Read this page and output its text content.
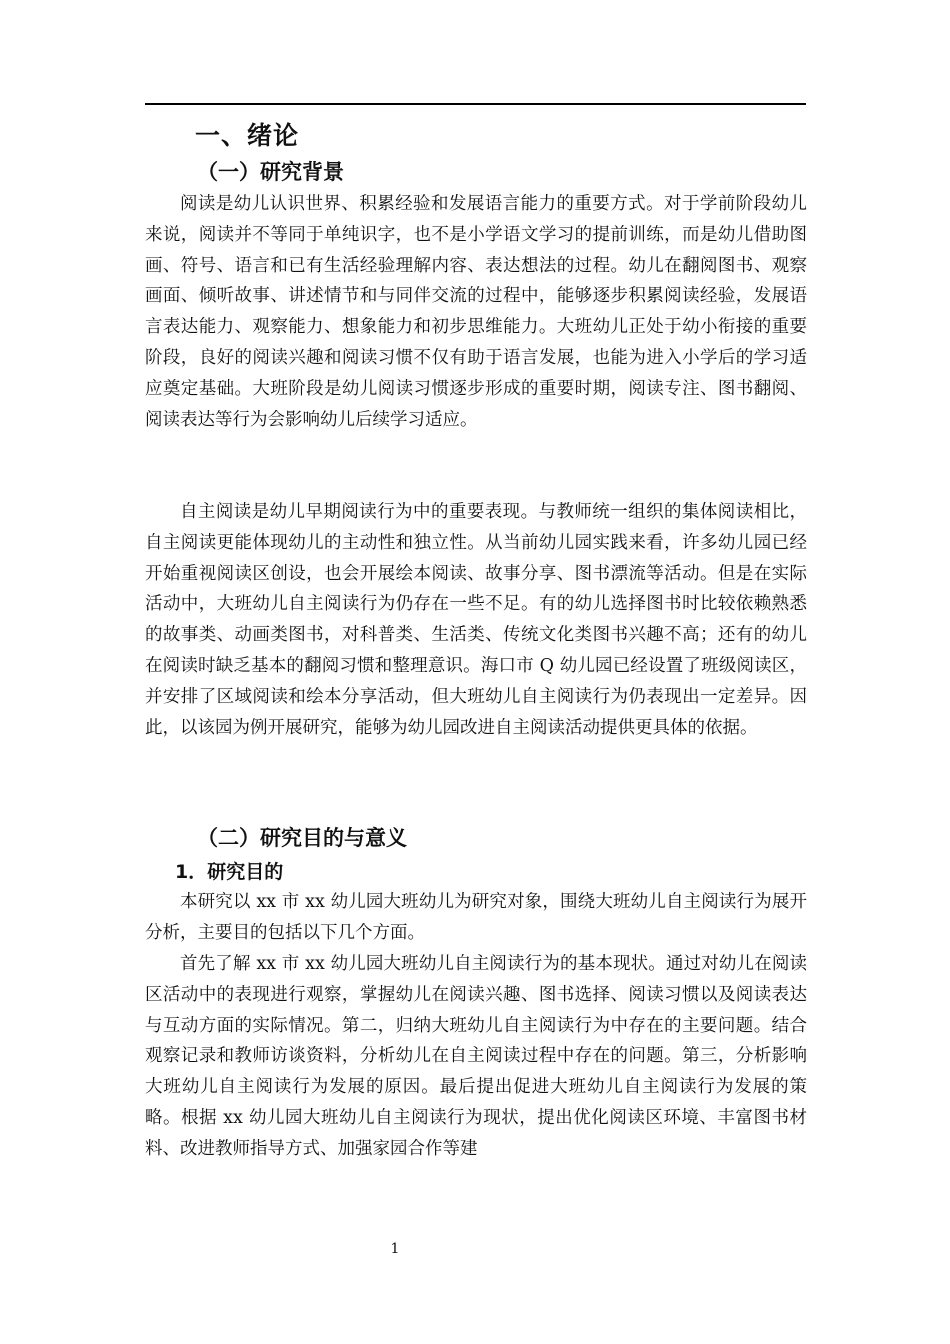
一、绪论
（一）研究背景

阅读是幼儿认识世界、积累经验和发展语言能力的重要方式。对于学前阶段幼儿来说，阅读并不等同于单纯识字，也不是小学语文学习的提前训练，而是幼儿借助图画、符号、语言和已有生活经验理解内容、表达想法的过程。幼儿在翻阅图书、观察画面、倾听故事、讲述情节和与同伴交流的过程中，能够逐步积累阅读经验，发展语言表达能力、观察能力、想象能力和初步思维能力。大班幼儿正处于幼小衔接的重要阶段，良好的阅读兴趣和阅读习惯不仅有助于语言发展，也能为进入小学后的学习适应奠定基础。大班阶段是幼儿阅读习惯逐步形成的重要时期，阅读专注、图书翻阅、阅读表达等行为会影响幼儿后续学习适应。

自主阅读是幼儿早期阅读行为中的重要表现。与教师统一组织的集体阅读相比，自主阅读更能体现幼儿的主动性和独立性。从当前幼儿园实践来看，许多幼儿园已经开始重视阅读区创设，也会开展绘本阅读、故事分享、图书漂流等活动。但是在实际活动中，大班幼儿自主阅读行为仍存在一些不足。有的幼儿选择图书时比较依赖熟悉的故事类、动画类图书，对科普类、生活类、传统文化类图书兴趣不高；还有的幼儿在阅读时缺乏基本的翻阅习惯和整理意识。海口市 Q 幼儿园已经设置了班级阅读区，并安排了区域阅读和绘本分享活动，但大班幼儿自主阅读行为仍表现出一定差异。因此，以该园为例开展研究，能够为幼儿园改进自主阅读活动提供更具体的依据。

（二）研究目的与意义
1．研究目的

本研究以 xx 市 xx 幼儿园大班幼儿为研究对象，围绕大班幼儿自主阅读行为展开分析，主要目的包括以下几个方面。

首先了解 xx 市 xx 幼儿园大班幼儿自主阅读行为的基本现状。通过对幼儿在阅读区活动中的表现进行观察，掌握幼儿在阅读兴趣、图书选择、阅读习惯以及阅读表达与互动方面的实际情况。第二，归纳大班幼儿自主阅读行为中存在的主要问题。结合观察记录和教师访谈资料，分析幼儿在自主阅读过程中存在的问题。第三，分析影响大班幼儿自主阅读行为发展的原因。最后提出促进大班幼儿自主阅读行为发展的策略。根据 xx 幼儿园大班幼儿自主阅读行为现状，提出优化阅读区环境、丰富图书材料、改进教师指导方式、加强家园合作等建

1
